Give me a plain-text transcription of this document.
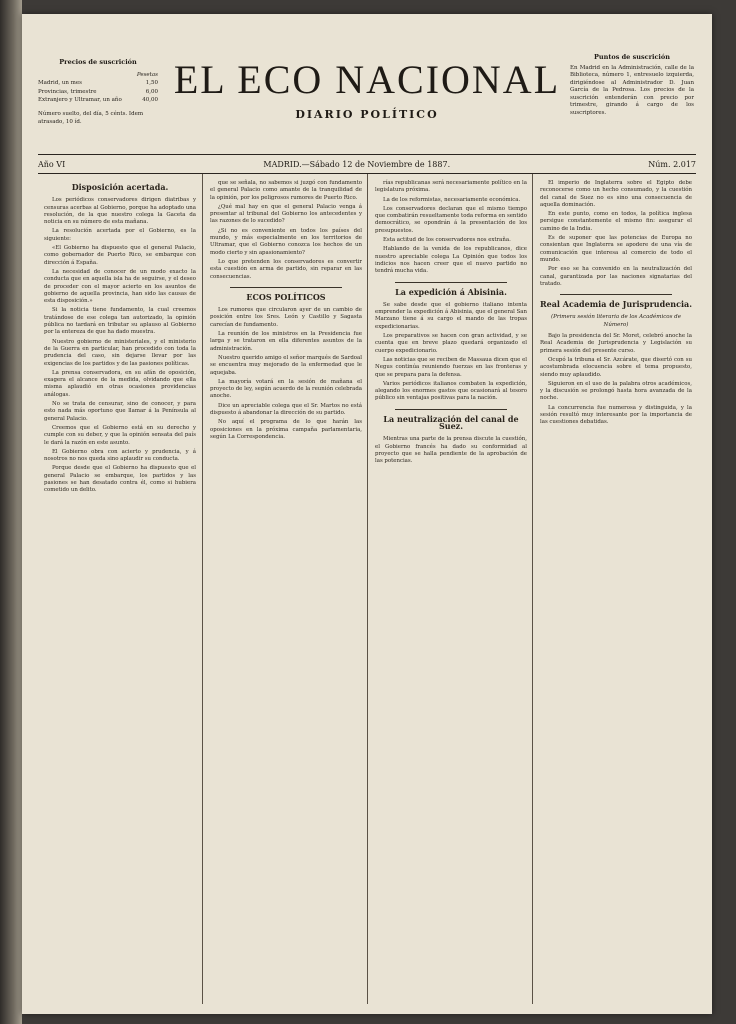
Precios de suscrición
Pesetas
Madrid, un mes	1,50
Provincias, trimestre	6,00
Extranjero y Ultramar, un año	40,00
Número suelto, del día, 5 cénts. Idem atrasado, 10 íd.
EL ECO NACIONAL
DIARIO POLÍTICO
Puntos de suscrición
En Madrid en la Administración, calle de la Biblioteca, número 1, entresuelo izquierda, dirigiéndose al Administrador D. Juan García de la Pedrosa. Los precios de la suscrición entenderán con precio por trimestre, girando á cargo de los suscriptores.
Año VI	MADRID.—Sábado 12 de Noviembre de 1887.	Núm. 2.017
Disposición acertada.

Los periódicos conservadores dirigen diatribas y censuras acerbas al Gobierno, porque ha adoptado una resolución, de la que nuestro colega la Gaceta da noticia en su número de esta mañana.

La resolución acertada por el Gobierno, es la siguiente:

«El Gobierno ha dispuesto que el general Palacio, como gobernador de Puerto Rico, se embarque con dirección á España.

La necesidad de conocer de un modo exacto la conducta que en aquella isla ha de seguirse, y el deseo de proceder con el mayor acierto en los asuntos de gobierno de aquella provincia, han sido las causas de esta disposición.»

Si la noticia tiene fundamento, la cual creemos tratándose de ese colega tan autorizado, la opinión pública no tardará en tributar su aplauso al Gobierno por la entereza de que ha dado muestra.

Nuestro gobierno de ministeriales, y el ministerio de la Guerra en particular, han procedido con toda la prudencia del caso, sin dejarse llevar por las exigencias de los partidos y de las pasiones políticas.

La prensa conservadora, en su afán de oposición, exagera el alcance de la medida, olvidando que ella misma aplaudió en otras ocasiones providencias análogas.

No se trata de censurar, sino de conocer, y para esto nada más oportuno que llamar á la Península al general Palacio.

Creemos que el Gobierno está en su derecho y cumple con su deber, y que la opinión sensata del país le dará la razón en este asunto.

El Gobierno obra con acierto y prudencia, y á nosotros no nos queda sino aplaudir su conducta.

Porque desde que el Gobierno ha dispuesto que el general Palacio se embarque, los partidos y las pasiones se han desatado contra él, como si hubiera cometido un delito.

que se señala, no sabemos si juzgó con fundamento el general Palacio como amante de la tranquilidad de la opinión, por los peligrosos rumores de Puerto Rico.

¿Qué mal hay en que el general Palacio venga á presentar al tribunal del Gobierno los antecedentes y las razones de lo sucedido?

¿Si no es conveniente en todos los países del mundo, y más especialmente en los territorios de Ultramar, que el Gobierno conozca los hechos de un modo cierto y sin apasionamiento?

Lo que pretenden los conservadores es convertir esta cuestión en arma de partido, sin reparar en las consecuencias.

ECOS POLÍTICOS

Los rumores que circularon ayer de un cambio de posición entre los Sres. León y Castillo y Sagasta carecían de fundamento.

La reunión de los ministros en la Presidencia fue larga y se trataron en ella diferentes asuntos de la administración.

Nuestro querido amigo el señor marqués de Sardoal se encuentra muy mejorado de la enfermedad que le aquejaba.

La mayoría votará en la sesión de mañana el proyecto de ley, según acuerdo de la reunión celebrada anoche.

Dice un apreciable colega que el Sr. Martos no está dispuesto á abandonar la dirección de su partido.

No aquí el programa de lo que harán las oposiciones en la próxima campaña parlamentaria, según La Correspondencia.

rías republicanas será necesariamente político en la legislatura próxima.

La de los reformistas, necesariamente económica.

Los conservadores declaran que el mismo tiempo que combatirán resueltamente toda reforma en sentido democrático, se opondrán á la presentación de los presupuestos.

Esta actitud de los conservadores nos extraña.

Hablando de la venida de los republicanos, dice nuestro apreciable colega La Opinión que todos los indicios nos hacen creer que el nuevo partido no tendrá mucha vida.

La expedición á Abisinia.

Se sabe desde que el gobierno italiano intenta emprender la expedición á Abisinia, que el general San Marzano tiene á su cargo el mando de las tropas expedicionarias.

Los preparativos se hacen con gran actividad, y se cuenta que en breve plazo quedará organizado el cuerpo expedicionario.

Las noticias que se reciben de Massaua dicen que el Negus continúa reuniendo fuerzas en las fronteras y que se prepara para la defensa.

Varios periódicos italianos combaten la expedición, alegando los enormes gastos que ocasionará al tesoro público sin ventajas positivas para la nación.

La neutralización del canal de Suez.

Mientras una parte de la prensa discute la cuestión, el Gobierno francés ha dado su conformidad al proyecto que se halla pendiente de la aprobación de las potencias.

El imperio de Inglaterra sobre el Egipto debe reconocerse como un hecho consumado, y la cuestión del canal de Suez no es sino una consecuencia de aquella dominación.

En este punto, como en todos, la política inglesa persigue constantemente el mismo fin: asegurar el camino de la India.

Es de suponer que las potencias de Europa no consientan que Inglaterra se apodere de una vía de comunicación que interesa al comercio de todo el mundo.

Por eso se ha convenido en la neutralización del canal, garantizada por las naciones signatarias del tratado.

Real Academia de Jurisprudencia.

(Primera sesión literaria de los Académicos de Número)

Bajo la presidencia del Sr. Moret, celebró anoche la Real Academia de Jurisprudencia y Legislación su primera sesión del presente curso.

Ocupó la tribuna el Sr. Azcárate, que disertó con su acostumbrada elocuencia sobre el tema propuesto, siendo muy aplaudido.

Siguieron en el uso de la palabra otros académicos, y la discusión se prolongó hasta hora avanzada de la noche.

La concurrencia fue numerosa y distinguida, y la sesión resultó muy interesante por la importancia de las cuestiones debatidas.
